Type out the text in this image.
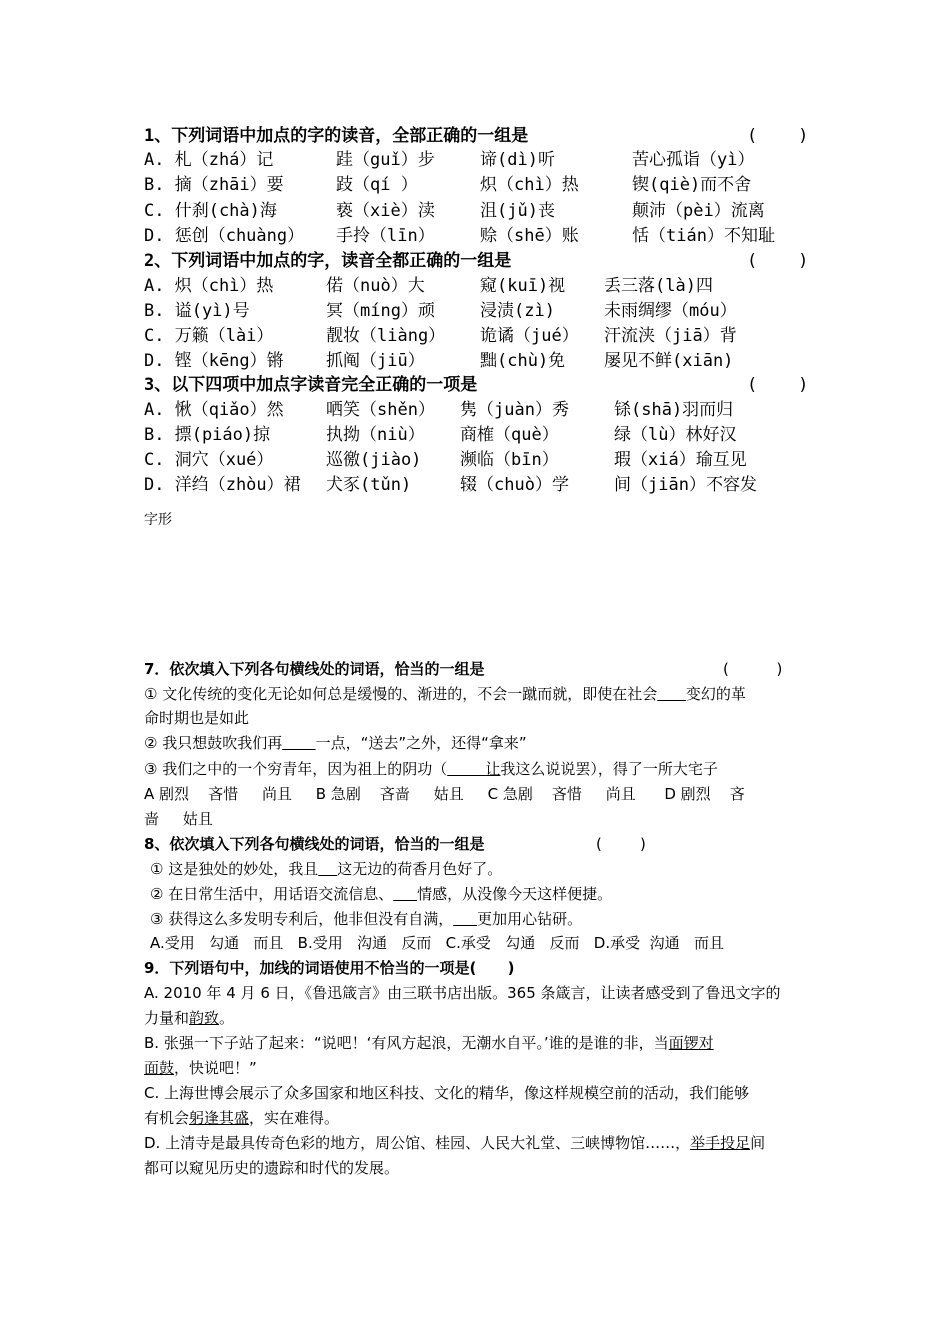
1、下列词语中加点的字的读音，全部正确的一组是	(    )
A. 札（zhá）记	跬（guǐ）步	谛(dì)听	苦心孤诣（yì）
B. 摘（zhāi）要	跂（qí ）	炽（chì）热	锲(qiè)而不舍
C. 什刹(chà)海	亵（xiè）渎	沮(jǔ)丧	颠沛（pèi）流离
D. 惩创（chuàng） 手拎（līn）	赊（shē）账	恬（tián）不知耻
2、下列词语中加点的字，读音全都正确的一组是	(    )
A. 炽（chì）热	偌（nuò）大	窥(kuī)视 丢三落(là)四
B. 谥(yì)号	冥（míng）顽	浸渍(zì)	未雨绸缪（móu）
C. 万籁（lài）	靓妆（liàng） 诡谲（jué） 汗流浃（jiā）背
D. 铿（kēng）锵 抓阄（jiū）	黜(chù)免 屡见不鲜(xiān)
3、以下四项中加点字读音完全正确的一项是	(    )
A. 愀（qiǎo）然 哂笑（shěn） 隽（juàn）秀	铩(shā)羽而归
B. 摽(piáo)掠	执拗（niù） 商榷（què）	绿（lù）林好汉
C. 洞穴（xué）	巡徼(jiào) 濒临（bīn）	瑕（xiá）瑜互见
D. 洋绉（zhòu）裙 犬豕(tǔn)	辍（chuò）学	间（jiān）不容发
字形
7．依次填入下列各句横线处的词语，恰当的一组是	(          )
① 文化传统的变化无论如何总是缓慢的、渐进的，不会一蹴而就，即使在社会 变幻的革
命时期也是如此
② 我只想鼓吹我们再 一点，“送去”之外，还得“拿来”
③ 我们之中的一个穷青年，因为祖上的阴功（	让我这么说说罢），得了一所大宅子
A 剧烈    吝惜     尚且     B 急剧    吝啬     姑且     C 急剧    吝惜     尚且      D 剧烈    吝
啬     姑且
8、依次填入下列各句横线处的词语，恰当的一组是	(        )
① 这是独处的妙处，我且 这无边的荷香月色好了。
② 在日常生活中，用话语交流信息、 情感，从没像今天这样便捷。
③ 获得这么多发明专利后，他非但没有自满， 更加用心钻研。
A.受用   勾通   而且   B.受用   沟通   反而   C.承受   勾通   反而   D.承受  沟通   而且
9．下列语句中，加线的词语使用不恰当的一项是(      )
A. 2010 年 4 月 6 日，《鲁迅箴言》由三联书店出版。365 条箴言，让读者感受到了鲁迅文字的
力量和韵致。
B. 张强一下子站了起来：“说吧！‘有风方起浪，无潮水自平。’谁的是谁的非，当面锣对
面鼓，快说吧！”
C. 上海世博会展示了众多国家和地区科技、文化的精华，像这样规模空前的活动，我们能够
有机会躬逢其盛，实在难得。
D. 上清寺是最具传奇色彩的地方，周公馆、桂园、人民大礼堂、三峡博物馆……，举手投足间
都可以窥见历史的遗踪和时代的发展。
